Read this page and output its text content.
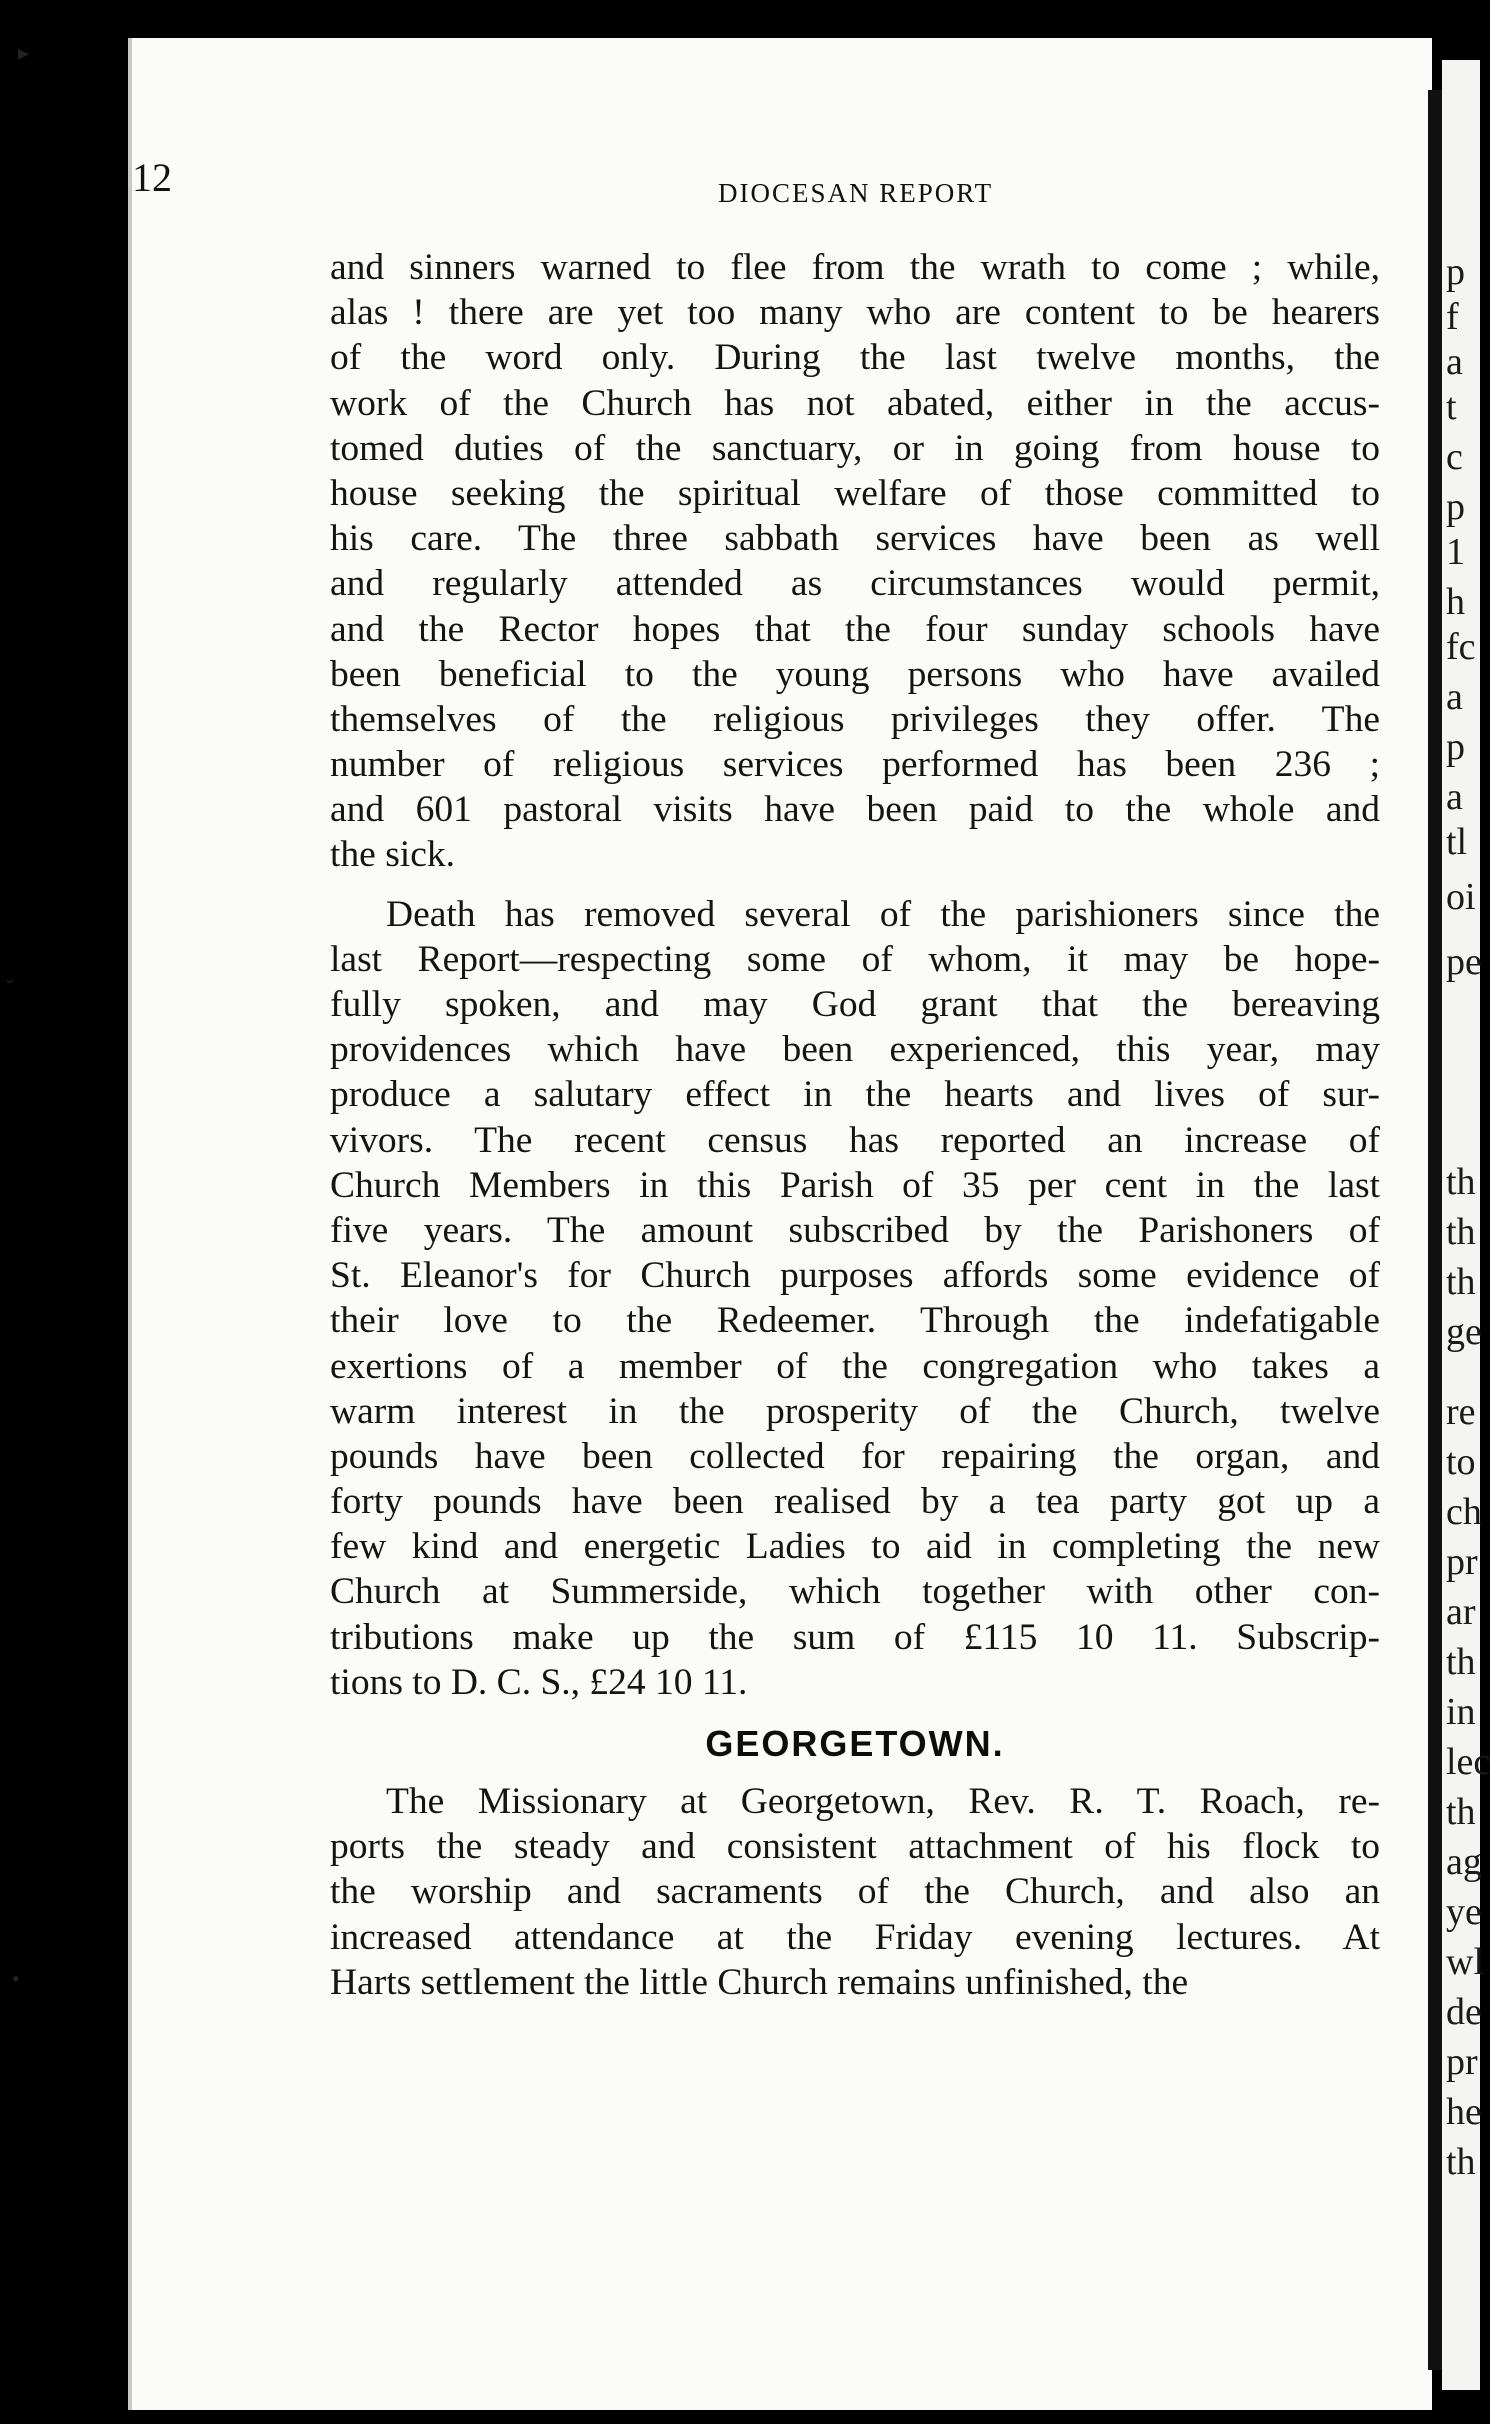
p
f
a
t
c
p
1
h
fc
a
p
a
tl
oi
pe
th
th
th
ge
re
to
ch
pr
ar
th
in
lec
th
ag
ye
wl
de
pr
he
th
12	DIOCESAN REPORT
and sinners warned to flee from the wrath to come ; while,
alas ! there are yet too many who are content to be hearers
of the word only. During the last twelve months, the
work of the Church has not abated, either in the accus-
tomed duties of the sanctuary, or in going from house to
house seeking the spiritual welfare of those committed to
his care. The three sabbath services have been as well
and regularly attended as circumstances would permit,
and the Rector hopes that the four sunday schools have
been beneficial to the young persons who have availed
themselves of the religious privileges they offer. The
number of religious services performed has been 236 ;
and 601 pastoral visits have been paid to the whole and
the sick.
Death has removed several of the parishioners since the
last Report—respecting some of whom, it may be hope-
fully spoken, and may God grant that the bereaving
providences which have been experienced, this year, may
produce a salutary effect in the hearts and lives of sur-
vivors. The recent census has reported an increase of
Church Members in this Parish of 35 per cent in the last
five years. The amount subscribed by the Parishoners of
St. Eleanor's for Church purposes affords some evidence of
their love to the Redeemer. Through the indefatigable
exertions of a member of the congregation who takes a
warm interest in the prosperity of the Church, twelve
pounds have been collected for repairing the organ, and
forty pounds have been realised by a tea party got up a
few kind and energetic Ladies to aid in completing the new
Church at Summerside, which together with other con-
tributions make up the sum of £115 10 11. Subscrip-
tions to D. C. S., £24 10 11.
GEORGETOWN.
The Missionary at Georgetown, Rev. R. T. Roach, re-
ports the steady and consistent attachment of his flock to
the worship and sacraments of the Church, and also an
increased attendance at the Friday evening lectures. At
Harts settlement the little Church remains unfinished, the
▸
ˇ
•
